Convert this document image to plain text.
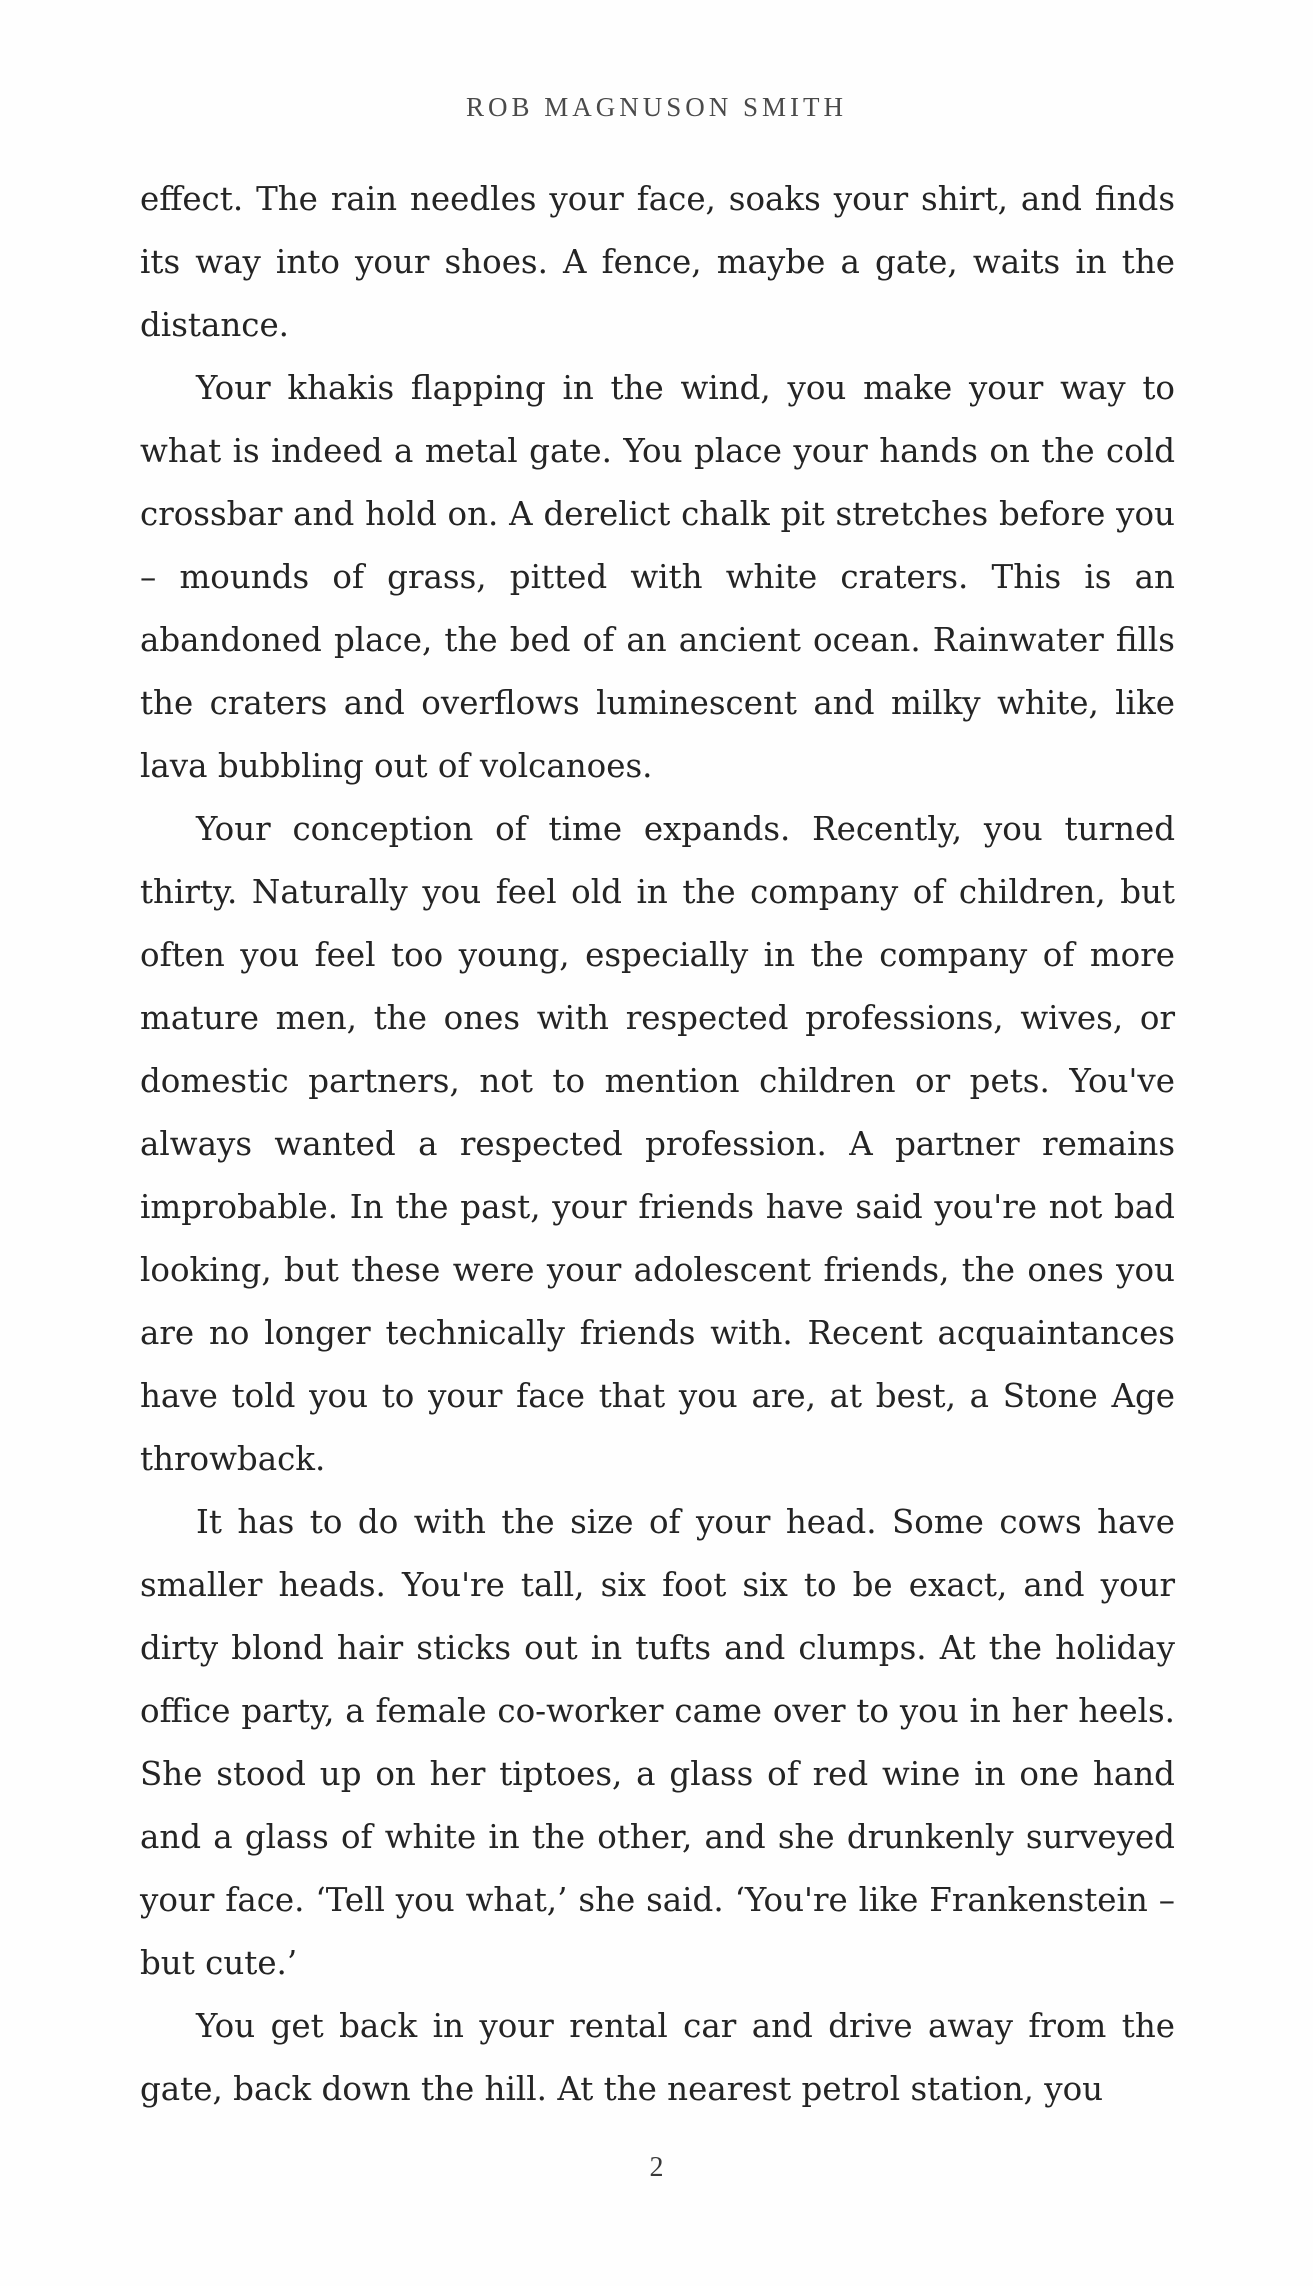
ROB MAGNUSON SMITH

effect. The rain needles your face, soaks your shirt, and finds its way into your shoes. A fence, maybe a gate, waits in the distance.

Your khakis flapping in the wind, you make your way to what is indeed a metal gate. You place your hands on the cold crossbar and hold on. A derelict chalk pit stretches before you – mounds of grass, pitted with white craters. This is an abandoned place, the bed of an ancient ocean. Rainwater fills the craters and overflows luminescent and milky white, like lava bubbling out of volcanoes.

Your conception of time expands. Recently, you turned thirty. Naturally you feel old in the company of children, but often you feel too young, especially in the company of more mature men, the ones with respected professions, wives, or domestic partners, not to mention children or pets. You've always wanted a respected profession. A partner remains improbable. In the past, your friends have said you're not bad looking, but these were your adolescent friends, the ones you are no longer technically friends with. Recent acquaintances have told you to your face that you are, at best, a Stone Age throwback.

It has to do with the size of your head. Some cows have smaller heads. You're tall, six foot six to be exact, and your dirty blond hair sticks out in tufts and clumps. At the holiday office party, a female co-worker came over to you in her heels. She stood up on her tiptoes, a glass of red wine in one hand and a glass of white in the other, and she drunkenly surveyed your face. ‘Tell you what,’ she said. ‘You're like Frankenstein – but cute.’

You get back in your rental car and drive away from the gate, back down the hill. At the nearest petrol station, you

2
